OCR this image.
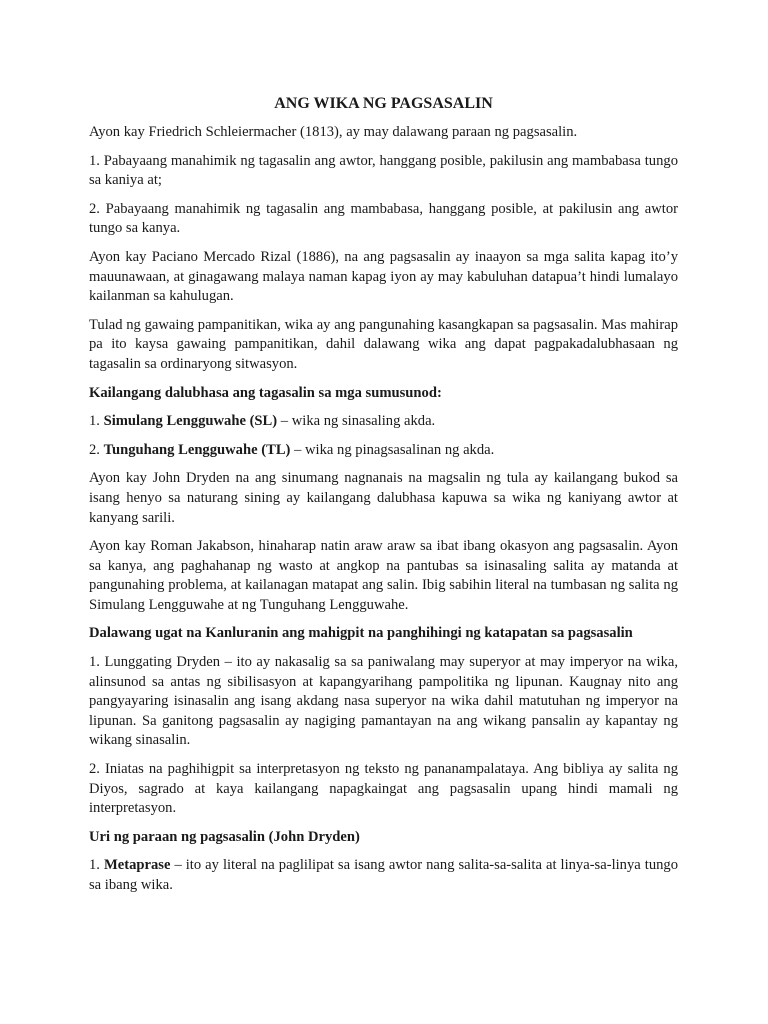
ANG WIKA NG PAGSASALIN

Ayon kay Friedrich Schleiermacher (1813), ay may dalawang paraan ng pagsasalin.

1. Pabayaang manahimik ng tagasalin ang awtor, hanggang posible, pakilusin ang mambabasa tungo sa kaniya at;

2. Pabayaang manahimik ng tagasalin ang mambabasa, hanggang posible, at pakilusin ang awtor tungo sa kanya.

Ayon kay Paciano Mercado Rizal (1886), na ang pagsasalin ay inaayon sa mga salita kapag ito’y mauunawaan, at ginagawang malaya naman kapag iyon ay may kabuluhan datapua’t hindi lumalayo kailanman sa kahulugan.

Tulad ng gawaing pampanitikan, wika ay ang pangunahing kasangkapan sa pagsasalin. Mas mahirap pa ito kaysa gawaing pampanitikan, dahil dalawang wika ang dapat pagpakadalubhasaan ng tagasalin sa ordinaryong sitwasyon.

Kailangang dalubhasa ang tagasalin sa mga sumusunod:

1. Simulang Lengguwahe (SL) – wika ng sinasaling akda.

2. Tunguhang Lengguwahe (TL) – wika ng pinagsasalinan ng akda.

Ayon kay John Dryden na ang sinumang nagnanais na magsalin ng tula ay kailangang bukod sa isang henyo sa naturang sining ay kailangang dalubhasa kapuwa sa wika ng kaniyang awtor at kanyang sarili.

Ayon kay Roman Jakabson, hinaharap natin araw araw sa ibat ibang okasyon ang pagsasalin. Ayon sa kanya, ang paghahanap ng wasto at angkop na pantubas sa isinasaling salita ay matanda at pangunahing problema, at kailanagan matapat ang salin. Ibig sabihin literal na tumbasan ng salita ng Simulang Lengguwahe at ng Tunguhang Lengguwahe.

Dalawang ugat na Kanluranin ang mahigpit na panghihingi ng katapatan sa pagsasalin

1. Lunggating Dryden – ito ay nakasalig sa sa paniwalang may superyor at may imperyor na wika, alinsunod sa antas ng sibilisasyon at kapangyarihang pampolitika ng lipunan. Kaugnay nito ang pangyayaring isinasalin ang isang akdang nasa superyor na wika dahil matutuhan ng imperyor na lipunan. Sa ganitong pagsasalin ay nagiging pamantayan na ang wikang pansalin ay kapantay ng wikang sinasalin.

2. Iniatas na paghihigpit sa interpretasyon ng teksto ng pananampalataya. Ang bibliya ay salita ng Diyos, sagrado at kaya kailangang napagkaingat ang pagsasalin upang hindi mamali ng interpretasyon.

Uri ng paraan ng pagsasalin (John Dryden)

1. Metaprase – ito ay literal na paglilipat sa isang awtor nang salita-sa-salita at linya-sa-linya tungo sa ibang wika.
